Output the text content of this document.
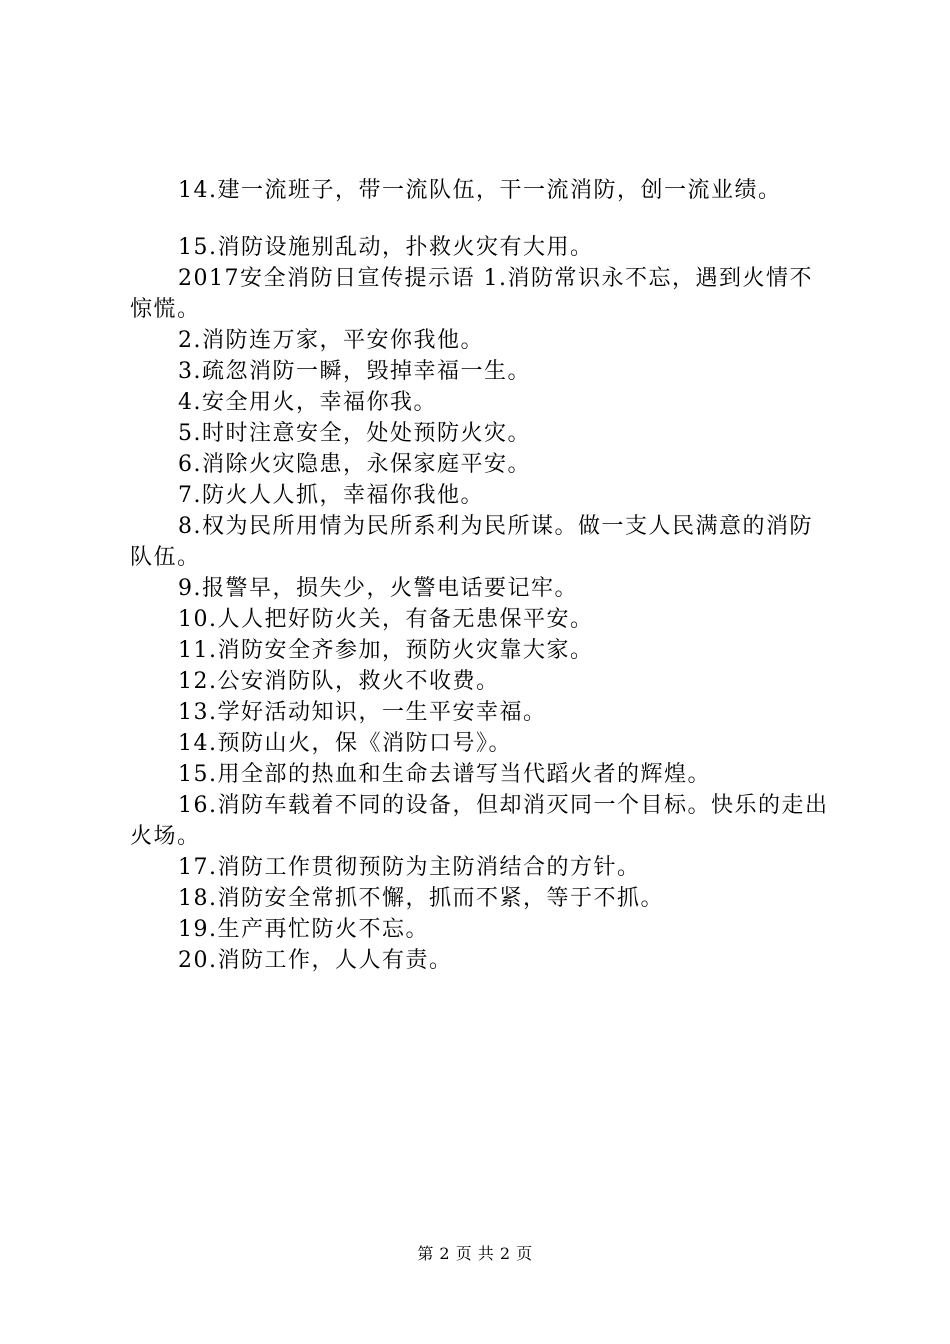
14.建一流班子，带一流队伍，干一流消防，创一流业绩。

15.消防设施别乱动，扑救火灾有大用。

2017安全消防日宣传提示语 1.消防常识永不忘，遇到火情不惊慌。

2.消防连万家，平安你我他。

3.疏忽消防一瞬，毁掉幸福一生。

4.安全用火，幸福你我。

5.时时注意安全，处处预防火灾。

6.消除火灾隐患，永保家庭平安。

7.防火人人抓，幸福你我他。

8.权为民所用情为民所系利为民所谋。做一支人民满意的消防队伍。

9.报警早，损失少，火警电话要记牢。

10.人人把好防火关，有备无患保平安。

11.消防安全齐参加，预防火灾靠大家。

12.公安消防队，救火不收费。

13.学好活动知识，一生平安幸福。

14.预防山火，保《消防口号》。

15.用全部的热血和生命去谱写当代蹈火者的辉煌。

16.消防车载着不同的设备，但却消灭同一个目标。快乐的走出火场。

17.消防工作贯彻预防为主防消结合的方针。

18.消防安全常抓不懈，抓而不紧，等于不抓。

19.生产再忙防火不忘。

20.消防工作，人人有责。

第 2 页 共 2 页
